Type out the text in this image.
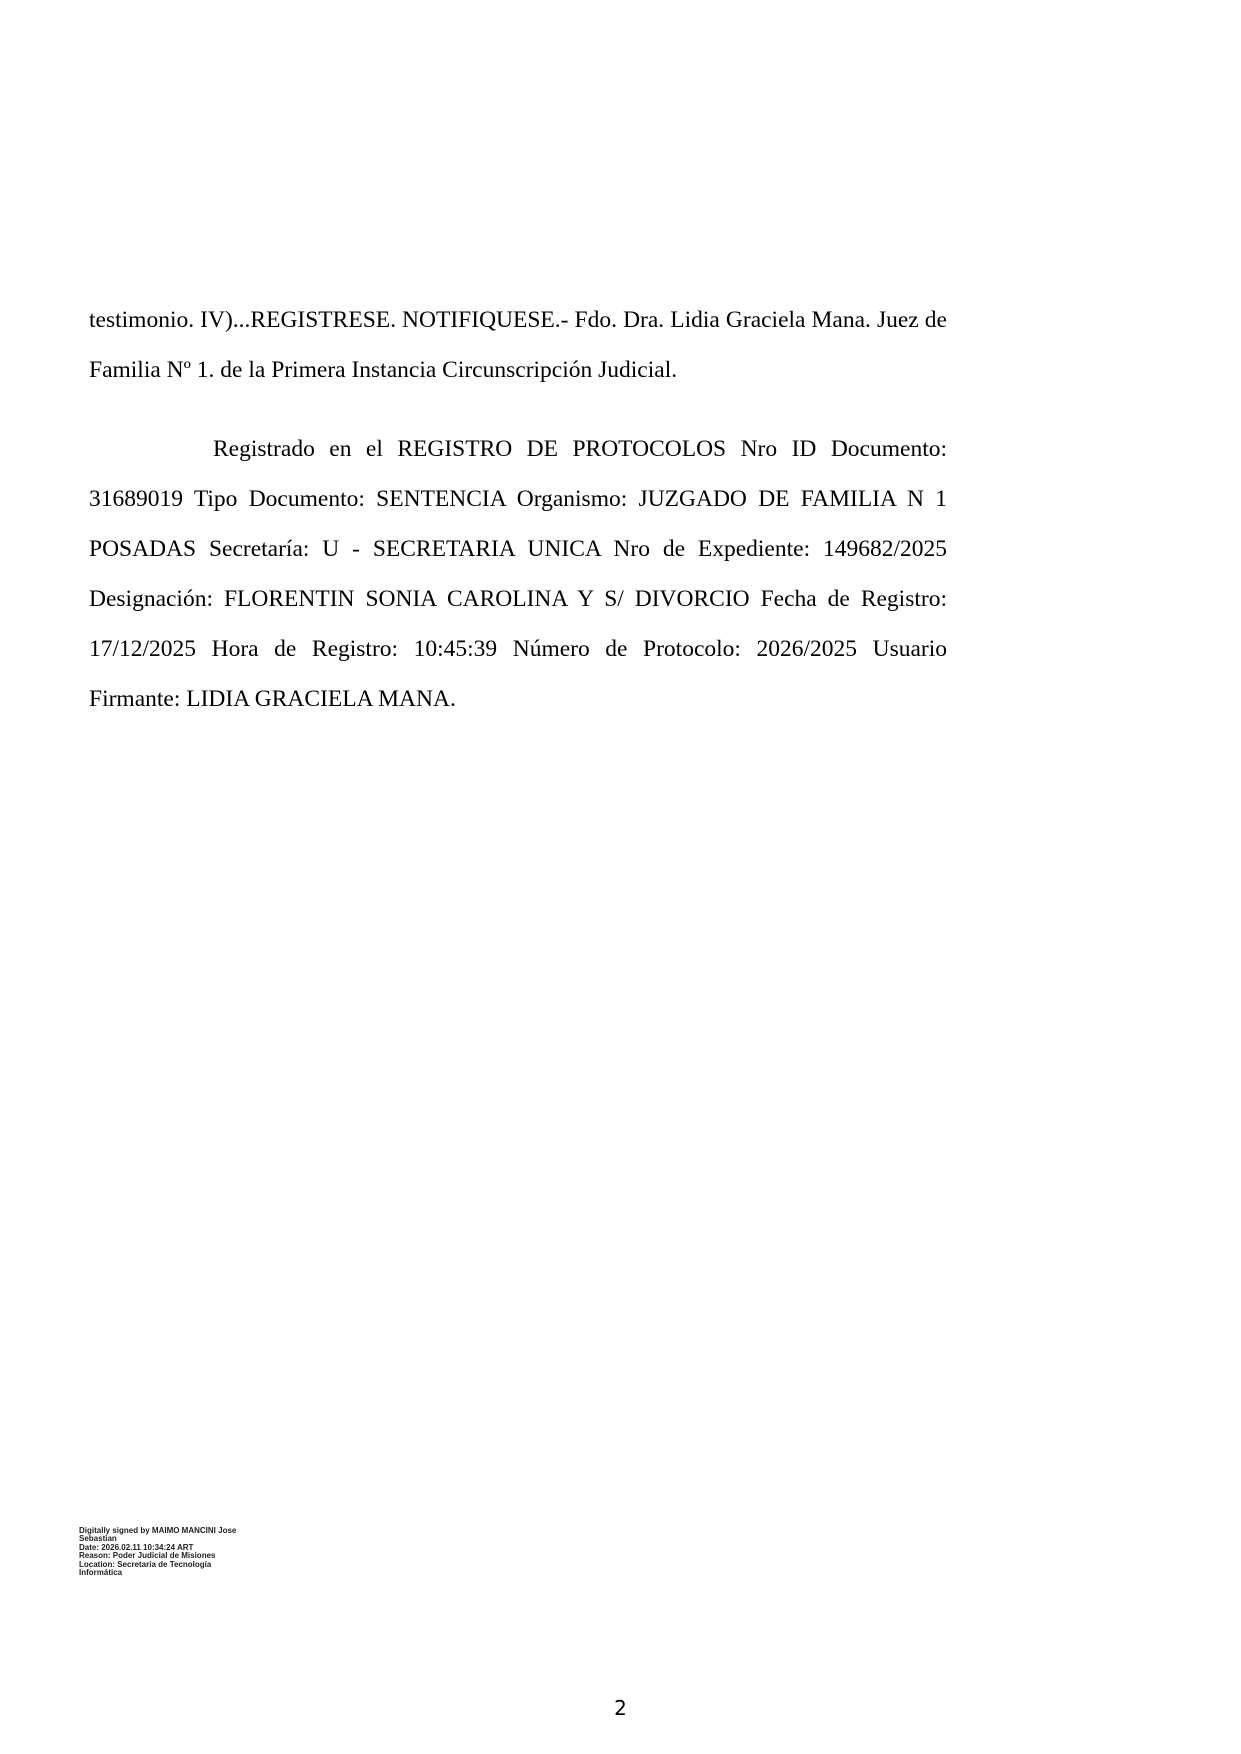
testimonio. IV)...REGISTRESE. NOTIFIQUESE.- Fdo. Dra. Lidia Graciela Mana. Juez de Familia Nº 1. de la Primera Instancia Circunscripción Judicial.

Registrado en el REGISTRO DE PROTOCOLOS Nro ID Documento: 31689019 Tipo Documento: SENTENCIA Organismo: JUZGADO DE FAMILIA N 1 POSADAS Secretaría: U - SECRETARIA UNICA Nro de Expediente: 149682/2025 Designación: FLORENTIN SONIA CAROLINA Y S/ DIVORCIO Fecha de Registro: 17/12/2025 Hora de Registro: 10:45:39 Número de Protocolo: 2026/2025 Usuario Firmante: LIDIA GRACIELA MANA.

Digitally signed by MAIMO MANCINI Jose
Sebastian
Date: 2026.02.11 10:34:24 ART
Reason: Poder Judicial de Misiones
Location: Secretaría de Tecnología
Informática
2
